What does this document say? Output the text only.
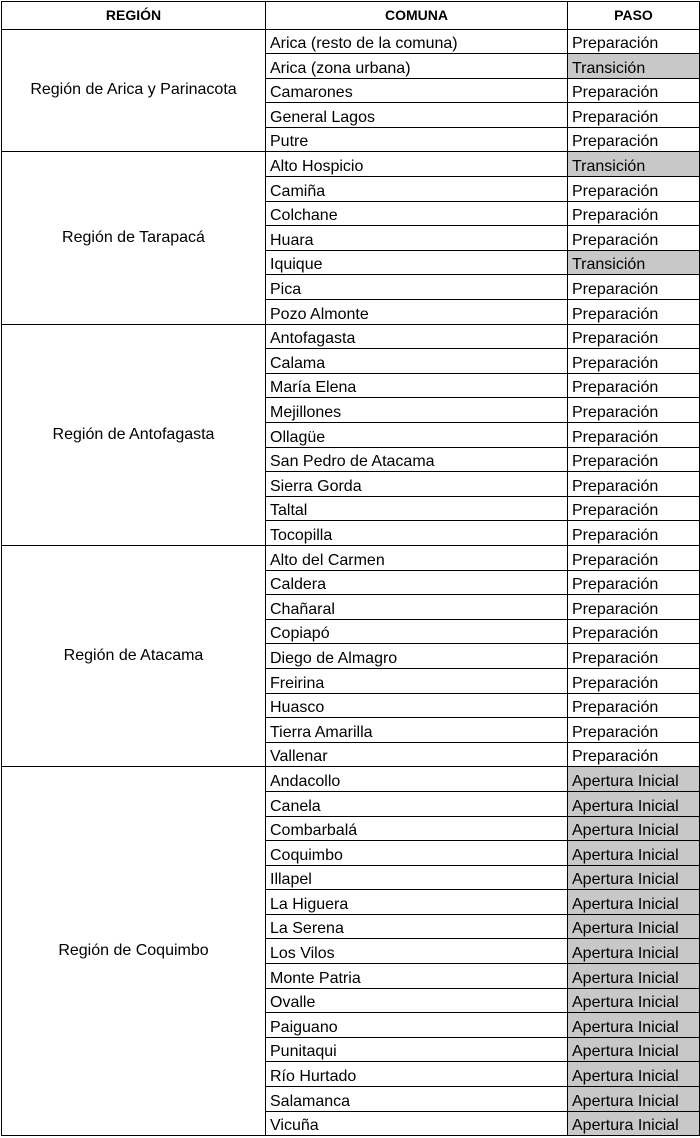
REGIÓN	COMUNA	PASO
Región de Arica y Parinacota	Arica (resto de la comuna)	Preparación
	Arica (zona urbana)	Transición
	Camarones	Preparación
	General Lagos	Preparación
	Putre	Preparación
Región de Tarapacá	Alto Hospicio	Transición
	Camiña	Preparación
	Colchane	Preparación
	Huara	Preparación
	Iquique	Transición
	Pica	Preparación
	Pozo Almonte	Preparación
Región de Antofagasta	Antofagasta	Preparación
	Calama	Preparación
	María Elena	Preparación
	Mejillones	Preparación
	Ollagüe	Preparación
	San Pedro de Atacama	Preparación
	Sierra Gorda	Preparación
	Taltal	Preparación
	Tocopilla	Preparación
Región de Atacama	Alto del Carmen	Preparación
	Caldera	Preparación
	Chañaral	Preparación
	Copiapó	Preparación
	Diego de Almagro	Preparación
	Freirina	Preparación
	Huasco	Preparación
	Tierra Amarilla	Preparación
	Vallenar	Preparación
Región de Coquimbo	Andacollo	Apertura Inicial
	Canela	Apertura Inicial
	Combarbalá	Apertura Inicial
	Coquimbo	Apertura Inicial
	Illapel	Apertura Inicial
	La Higuera	Apertura Inicial
	La Serena	Apertura Inicial
	Los Vilos	Apertura Inicial
	Monte Patria	Apertura Inicial
	Ovalle	Apertura Inicial
	Paiguano	Apertura Inicial
	Punitaqui	Apertura Inicial
	Río Hurtado	Apertura Inicial
	Salamanca	Apertura Inicial
	Vicuña	Apertura Inicial
